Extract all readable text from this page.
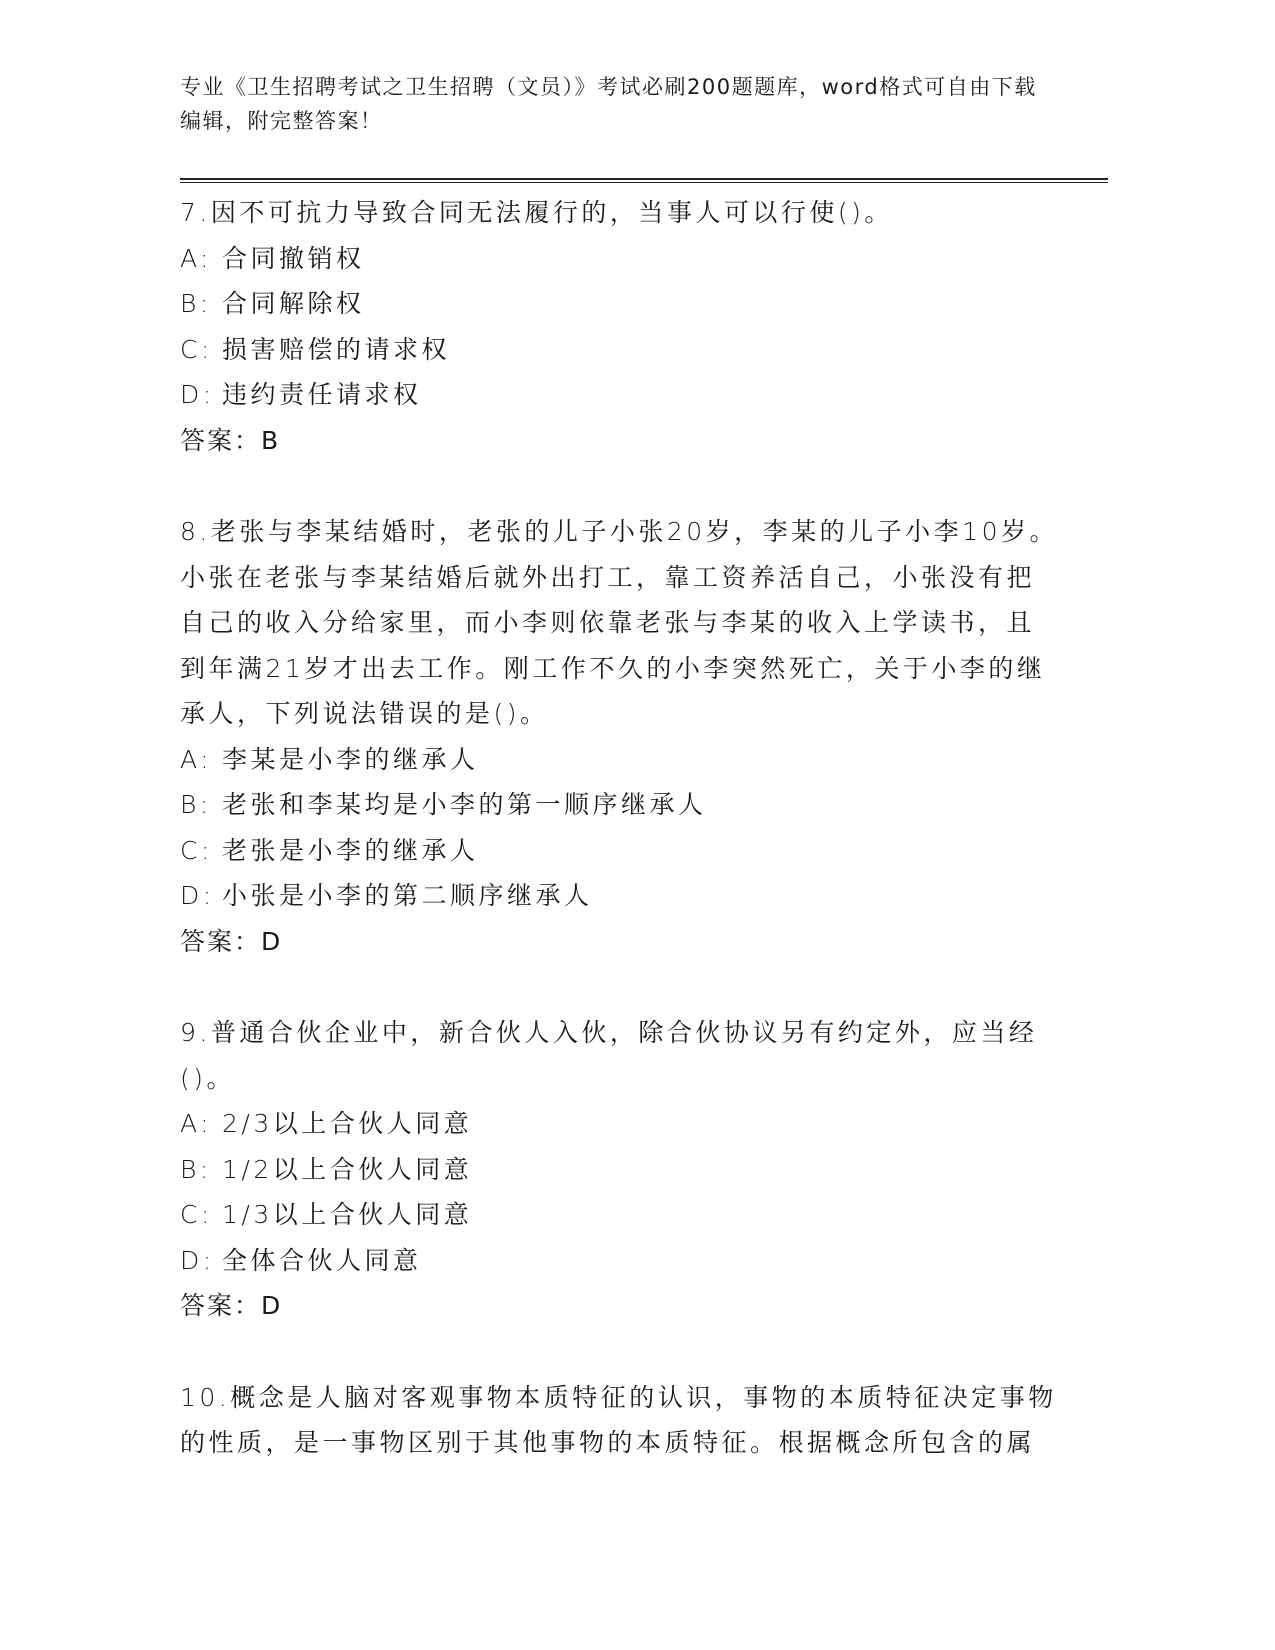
专业《卫生招聘考试之卫生招聘（文员）》考试必刷200题题库，word格式可自由下载编辑，附完整答案！
7.因不可抗力导致合同无法履行的，当事人可以行使()。
A: 合同撤销权
B: 合同解除权
C: 损害赔偿的请求权
D: 违约责任请求权
答案：B
8.老张与李某结婚时，老张的儿子小张20岁，李某的儿子小李10岁。小张在老张与李某结婚后就外出打工，靠工资养活自己，小张没有把自己的收入分给家里，而小李则依靠老张与李某的收入上学读书，且到年满21岁才出去工作。刚工作不久的小李突然死亡，关于小李的继承人，下列说法错误的是()。
A: 李某是小李的继承人
B: 老张和李某均是小李的第一顺序继承人
C: 老张是小李的继承人
D: 小张是小李的第二顺序继承人
答案：D
9.普通合伙企业中，新合伙人入伙，除合伙协议另有约定外，应当经()。
A: 2/3以上合伙人同意
B: 1/2以上合伙人同意
C: 1/3以上合伙人同意
D: 全体合伙人同意
答案：D
10.概念是人脑对客观事物本质特征的认识，事物的本质特征决定事物的性质，是一事物区别于其他事物的本质特征。根据概念所包含的属
